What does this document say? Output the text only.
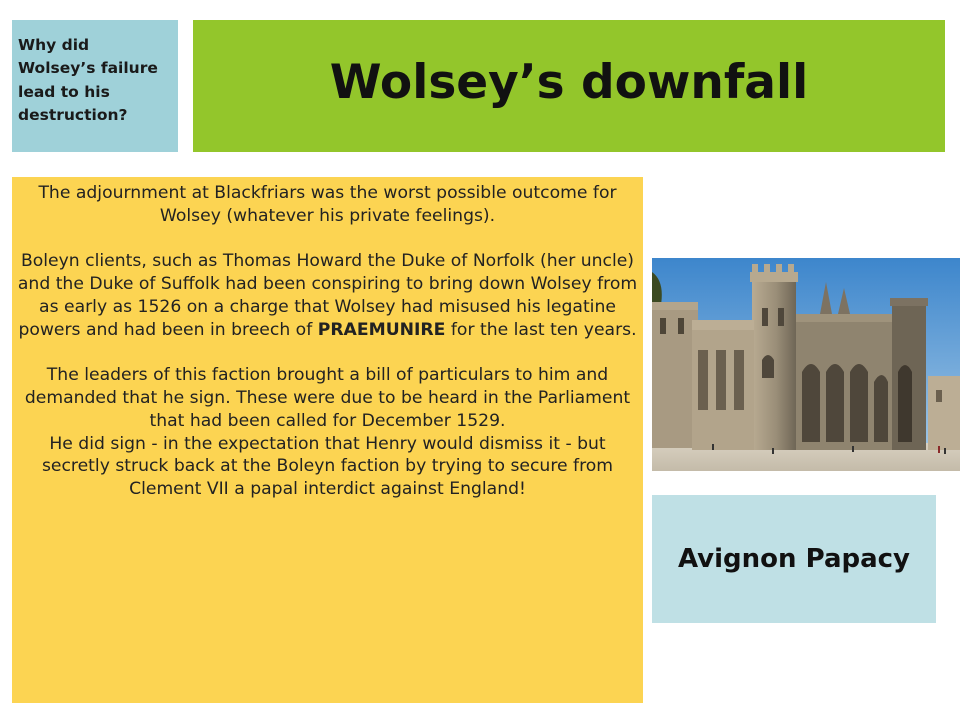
Why did
Wolsey’s failure
lead to his
destruction?
Wolsey’s downfall

The adjournment at Blackfriars was the worst possible outcome for Wolsey (whatever his private feelings).

Boleyn clients, such as Thomas Howard the Duke of Norfolk (her uncle) and the Duke of Suffolk had been conspiring to bring down Wolsey from as early as 1526 on a charge that Wolsey had misused his legatine powers and had been in breech of PRAEMUNIRE for the last ten years.

The leaders of this faction brought a bill of particulars to him and demanded that he sign. These were due to be heard in the Parliament that had been called for December 1529.

He did sign - in the expectation that Henry would dismiss it - but secretly struck back at the Boleyn faction by trying to secure from Clement VII a papal interdict against England!

Avignon Papacy
